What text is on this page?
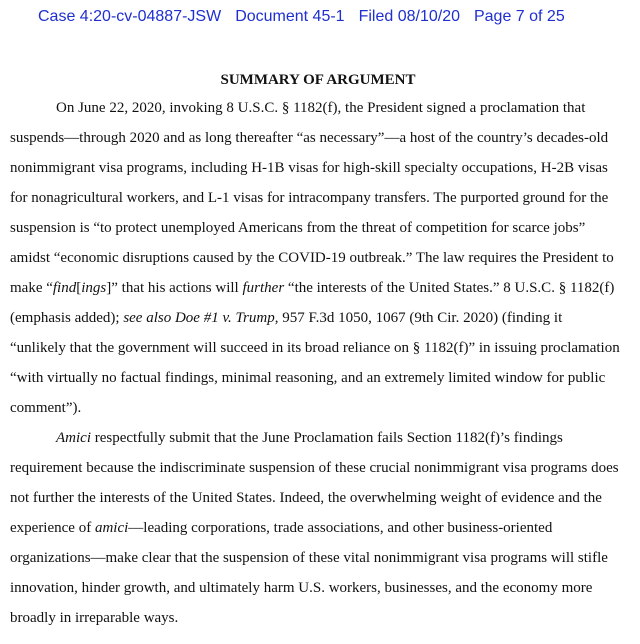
Case 4:20-cv-04887-JSW Document 45-1 Filed 08/10/20 Page 7 of 25
SUMMARY OF ARGUMENT
On June 22, 2020, invoking 8 U.S.C. § 1182(f), the President signed a proclamation that
suspends—through 2020 and as long thereafter “as necessary”—a host of the country’s decades-old
nonimmigrant visa programs, including H-1B visas for high-skill specialty occupations, H-2B visas
for nonagricultural workers, and L-1 visas for intracompany transfers. The purported ground for the
suspension is “to protect unemployed Americans from the threat of competition for scarce jobs”
amidst “economic disruptions caused by the COVID-19 outbreak.” The law requires the President to
make “find[ings]” that his actions will further “the interests of the United States.” 8 U.S.C. § 1182(f)
(emphasis added); see also Doe #1 v. Trump, 957 F.3d 1050, 1067 (9th Cir. 2020) (finding it
“unlikely that the government will succeed in its broad reliance on § 1182(f)” in issuing proclamation
“with virtually no factual findings, minimal reasoning, and an extremely limited window for public
comment”).
Amici respectfully submit that the June Proclamation fails Section 1182(f)’s findings
requirement because the indiscriminate suspension of these crucial nonimmigrant visa programs does
not further the interests of the United States. Indeed, the overwhelming weight of evidence and the
experience of amici—leading corporations, trade associations, and other business-oriented
organizations—make clear that the suspension of these vital nonimmigrant visa programs will stifle
innovation, hinder growth, and ultimately harm U.S. workers, businesses, and the economy more
broadly in irreparable ways.
